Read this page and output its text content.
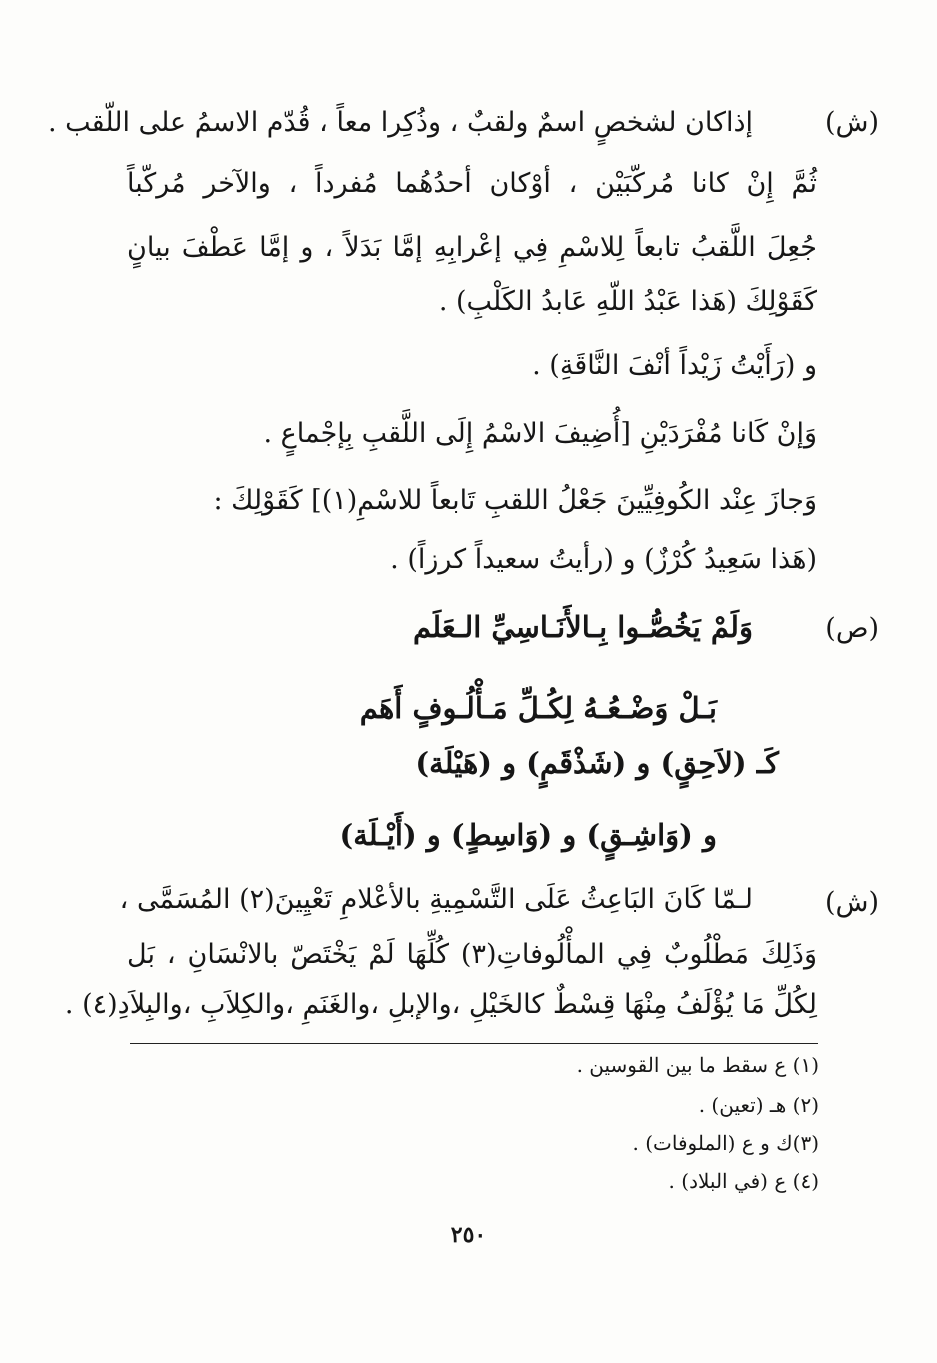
(ش)

إذاكان لشخصٍ اسمٌ ولقبٌ ، وذُكِرا معاً ، قُدّم الاسمُ على اللّقب .

ثُمَّ إِنْ كانا مُركّبَيْن ، أوْكان أحدُهُما مُفرداً ، والآخر مُركّباً

جُعِلَ اللَّقبُ تابعاً لِلاسْمِ فِي إعْرابِهِ إمَّا بَدَلاً ، و إمَّا عَطْفَ بيانٍ

كَقَوْلِكَ (هَذا عَبْدُ اللّهِ عَابدُ الكَلْبِ) .

و (رَأَيْتُ زَيْداً أنْفَ النَّاقَةِ) .

وَإنْ كَانا مُفْرَدَيْنِ [أُضِيفَ الاسْمُ إِلَى اللَّقبِ بِإجْماعٍ .

وَجازَ عِنْد الكُوفِيِّينَ جَعْلُ اللقبِ تَابعاً للاسْمِ(١)] كَقَوْلِكَ :

(هَذا سَعِيدُ كُرْزٌ) و (رأيتُ سعيداً كرزاً) .

(ص)

وَلَمْ يَخُصُّـوا بِـالأَنَـاسِيِّ الـعَلَم

بَـلْ وَضْـعُـهُ لِكُـلِّ مَـأْلُـوفٍ أَهَم

كَـ (لاَحِقٍ) و (شَذْقَمٍ) و (هَيْلَة)

و (وَاشِـقٍ) و (وَاسِطٍ) و (أَيْـلَة)

(ش)

لـمّا كَانَ البَاعِثُ عَلَى التَّسْمِيةِ بالأعْلامِ تَعْيِينَ(٢) المُسَمَّى ،

وَذَلِكَ مَطْلُوبٌ فِي المأْلُوفاتِ(٣) كُلِّهَا لَمْ يَخْتَصّ بالانْسَانِ ، بَل

لِكُلِّ مَا يُؤْلَفُ مِنْهَا قِسْطٌ كالخَيْلِ ،والإبلِ ،والغَنَمِ ،والكِلاَبِ ،والبِلاَدِ(٤) .

(١) ع سقط ما بين القوسين .

(٢) هـ (تعين) .

(٣)ك و ع (الملوفات) .

(٤) ع (في البلاد) .

٢٥٠
